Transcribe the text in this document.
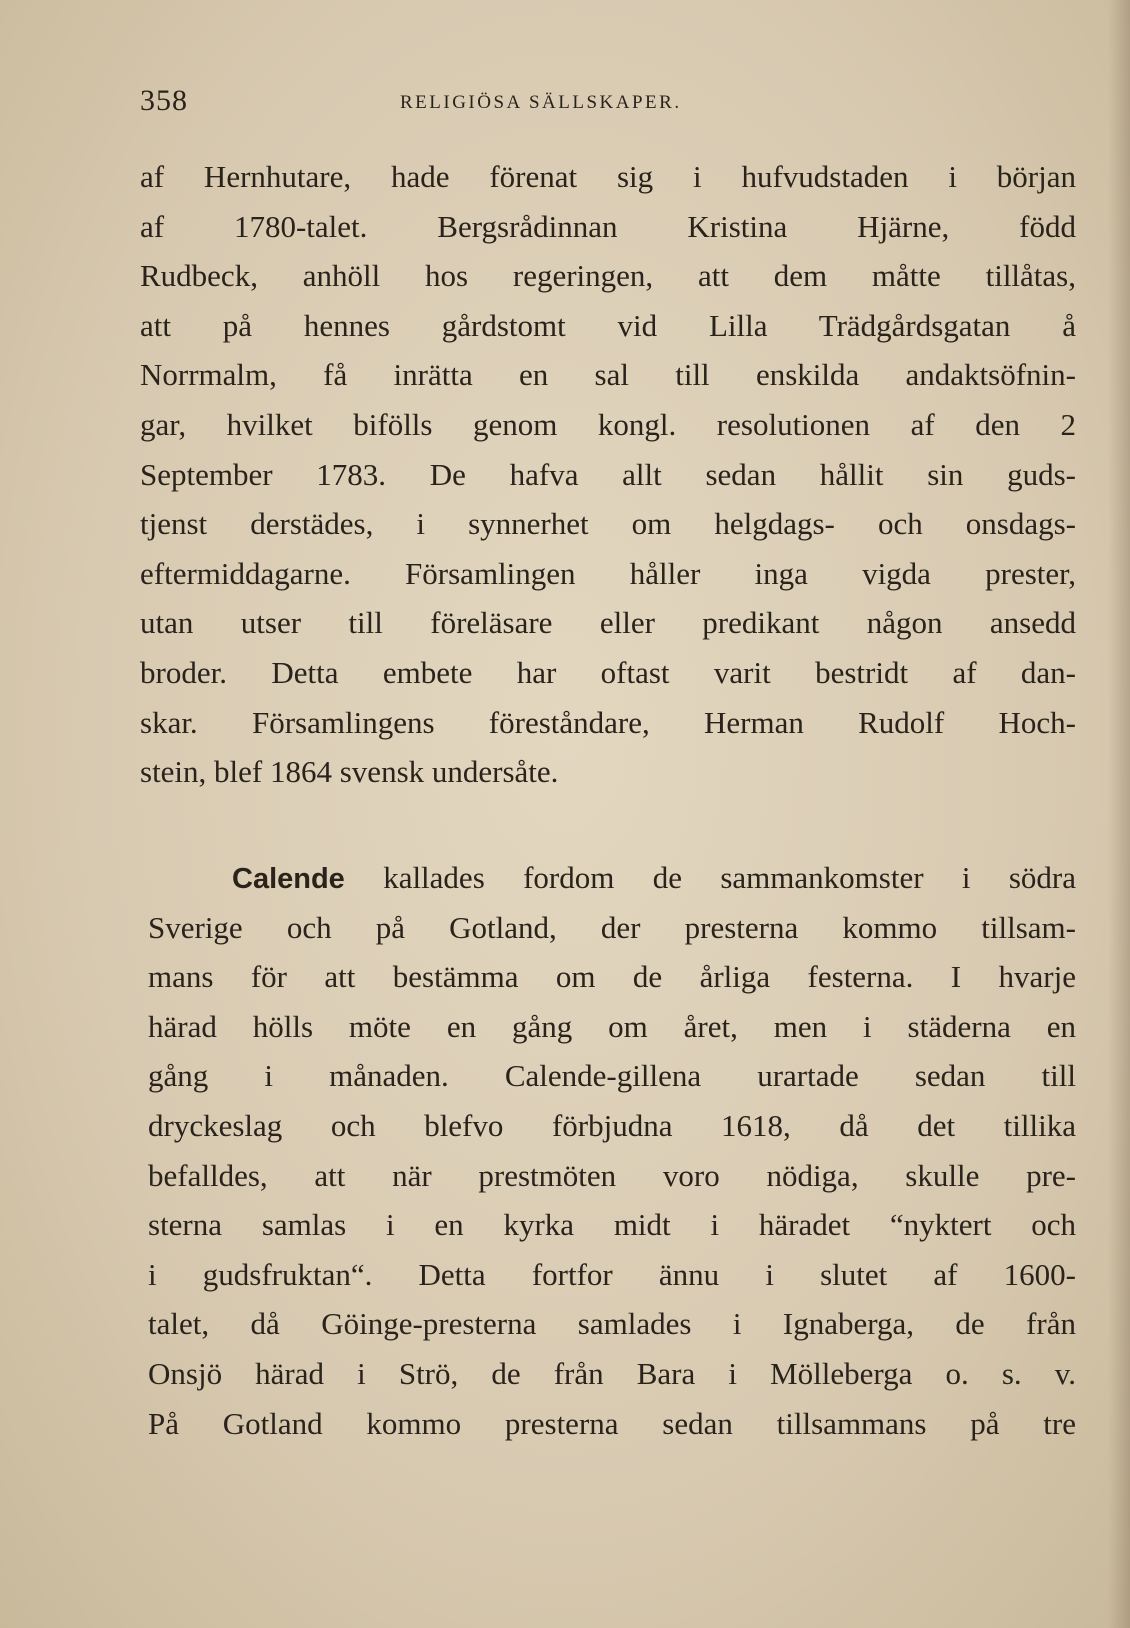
358	RELIGIÖSA SÄLLSKAPER.
af Hernhutare, hade förenat sig i hufvudstaden i början
af 1780-talet. Bergsrådinnan Kristina Hjärne, född
Rudbeck, anhöll hos regeringen, att dem måtte tillåtas,
att på hennes gårdstomt vid Lilla Trädgårdsgatan å
Norrmalm, få inrätta en sal till enskilda andaktsöfnin-
gar, hvilket bifölls genom kongl. resolutionen af den 2
September 1783. De hafva allt sedan hållit sin guds-
tjenst derstädes, i synnerhet om helgdags- och onsdags-
eftermiddagarne. Församlingen håller inga vigda prester,
utan utser till föreläsare eller predikant någon ansedd
broder. Detta embete har oftast varit bestridt af dan-
skar. Församlingens föreståndare, Herman Rudolf Hoch-
stein, blef 1864 svensk undersåte.
Calende kallades fordom de sammankomster i södra
Sverige och på Gotland, der presterna kommo tillsam-
mans för att bestämma om de årliga festerna. I hvarje
härad hölls möte en gång om året, men i städerna en
gång i månaden. Calende-gillena urartade sedan till
dryckeslag och blefvo förbjudna 1618, då det tillika
befalldes, att när prestmöten voro nödiga, skulle pre-
sterna samlas i en kyrka midt i häradet “nyktert och
i gudsfruktan“. Detta fortfor ännu i slutet af 1600-
talet, då Göinge-presterna samlades i Ignaberga, de från
Onsjö härad i Strö, de från Bara i Mölleberga o. s. v.
På Gotland kommo presterna sedan tillsammans på tre
